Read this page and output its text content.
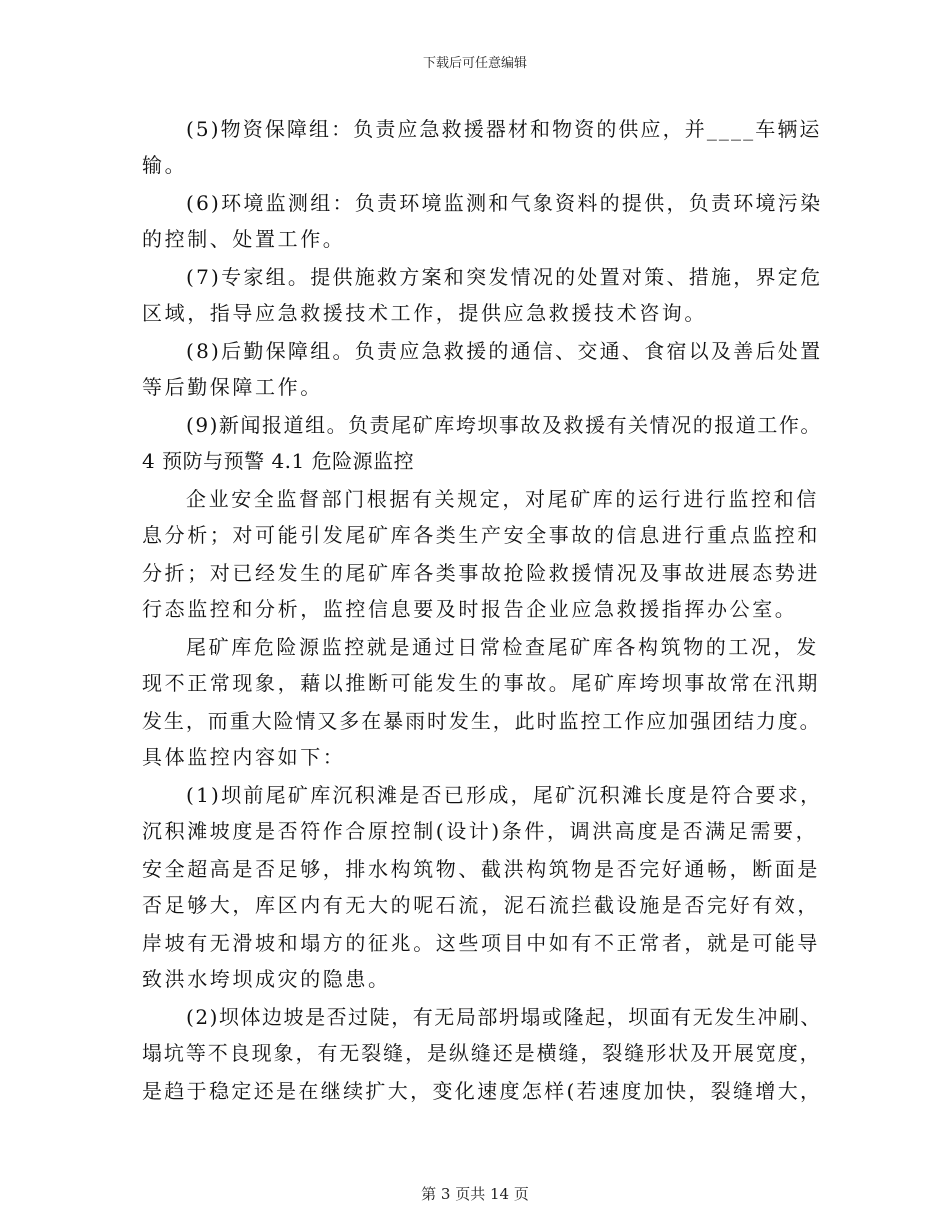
下载后可任意编辑
(5)物资保障组：负责应急救援器材和物资的供应，并____车辆运
输。
(6)环境监测组：负责环境监测和气象资料的提供，负责环境污染
的控制、处置工作。
(7)专家组。提供施救方案和突发情况的处置对策、措施，界定危
区域，指导应急救援技术工作，提供应急救援技术咨询。
(8)后勤保障组。负责应急救援的通信、交通、食宿以及善后处置
等后勤保障工作。
(9)新闻报道组。负责尾矿库垮坝事故及救援有关情况的报道工作。
4 预防与预警 4.1 危险源监控
企业安全监督部门根据有关规定，对尾矿库的运行进行监控和信
息分析；对可能引发尾矿库各类生产安全事故的信息进行重点监控和
分折；对已经发生的尾矿库各类事故抢险救援情况及事故进展态势进
行态监控和分析，监控信息要及时报告企业应急救援指挥办公室。
尾矿库危险源监控就是通过日常检查尾矿库各构筑物的工况，发
现不正常现象，藉以推断可能发生的事故。尾矿库垮坝事故常在汛期
发生，而重大险情又多在暴雨时发生，此时监控工作应加强团结力度。
具体监控内容如下：
(1)坝前尾矿库沉积滩是否已形成，尾矿沉积滩长度是符合要求，
沉积滩坡度是否符作合原控制(设计)条件，调洪高度是否满足需要，
安全超高是否足够，排水构筑物、截洪构筑物是否完好通畅，断面是
否足够大，库区内有无大的呢石流，泥石流拦截设施是否完好有效，
岸坡有无滑坡和塌方的征兆。这些项目中如有不正常者，就是可能导
致洪水垮坝成灾的隐患。
(2)坝体边坡是否过陡，有无局部坍塌或隆起，坝面有无发生冲刷、
塌坑等不良现象，有无裂缝，是纵缝还是横缝，裂缝形状及开展宽度，
是趋于稳定还是在继续扩大，变化速度怎样(若速度加快，裂缝增大，
第 3 页共 14 页
